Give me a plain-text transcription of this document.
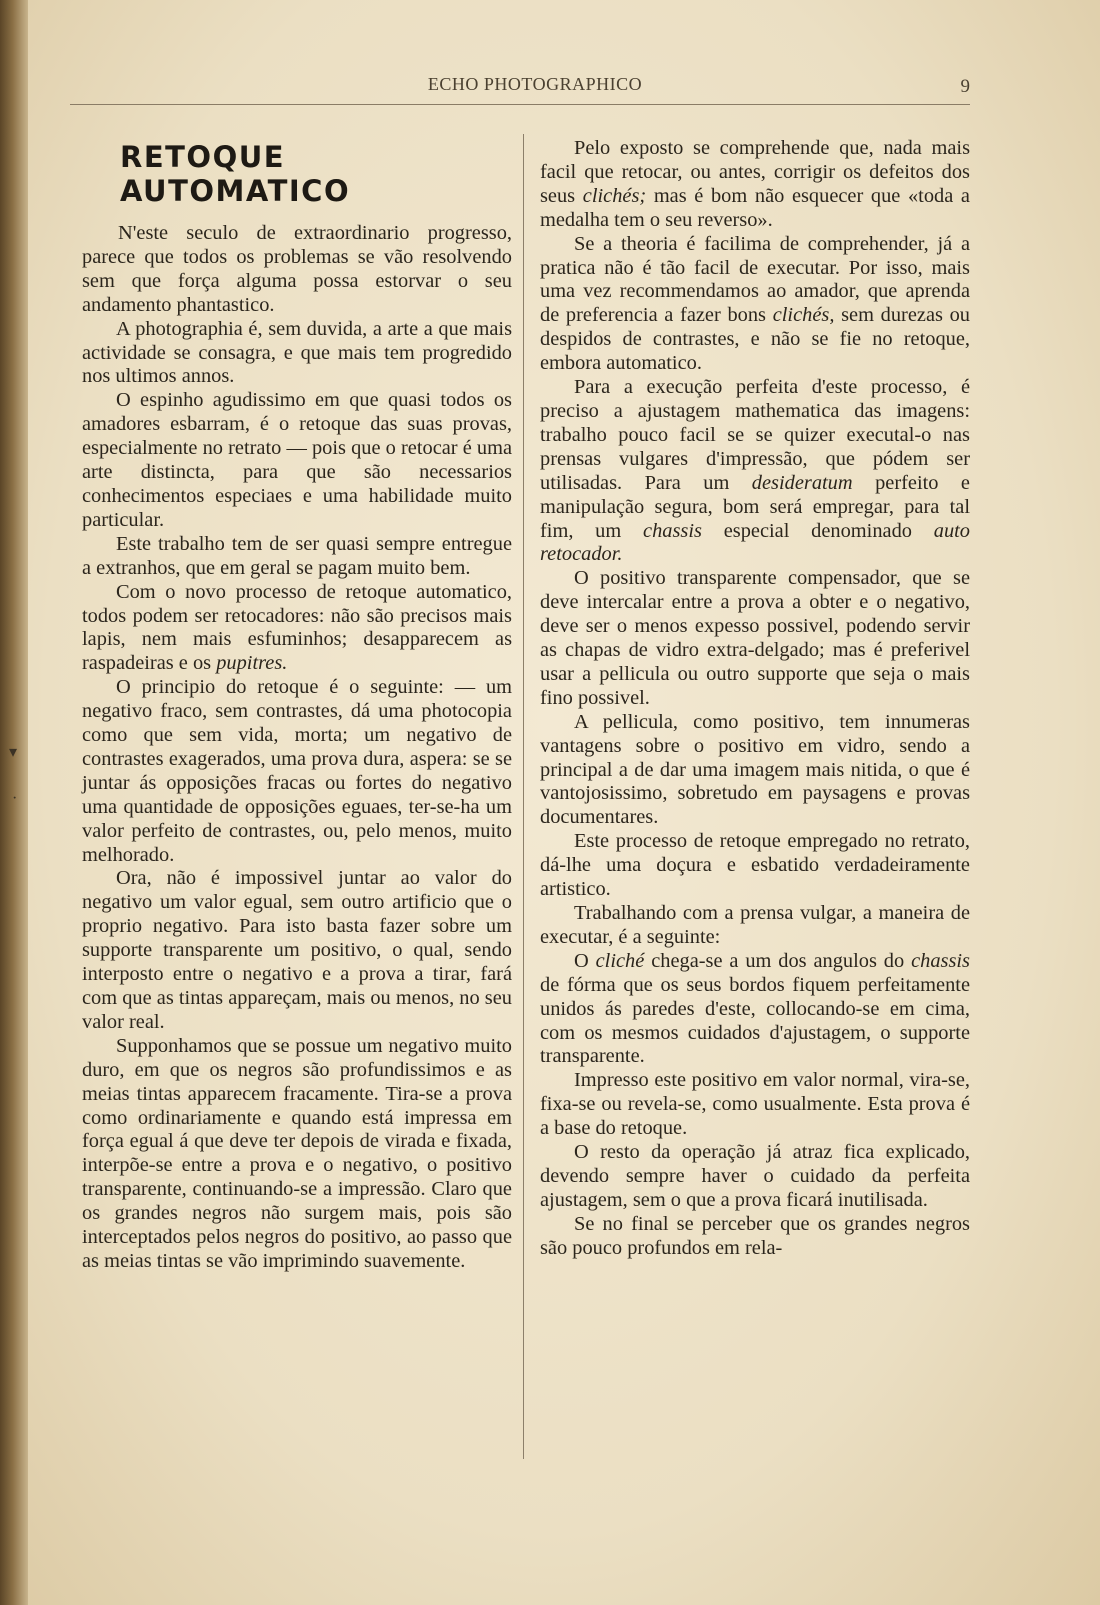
ECHO PHOTOGRAPHICO	9
RETOQUE AUTOMATICO

N'este seculo de extraordinario progresso, parece que todos os problemas se vão resolvendo sem que força alguma possa estorvar o seu andamento phantastico.

A photographia é, sem duvida, a arte a que mais actividade se consagra, e que mais tem progredido nos ultimos annos.

O espinho agudissimo em que quasi todos os amadores esbarram, é o retoque das suas provas, especialmente no retrato — pois que o retocar é uma arte distincta, para que são necessarios conhecimentos especiaes e uma habilidade muito particular.

Este trabalho tem de ser quasi sempre entregue a extranhos, que em geral se pagam muito bem.

Com o novo processo de retoque automatico, todos podem ser retocadores: não são precisos mais lapis, nem mais esfuminhos; desapparecem as raspadeiras e os pupitres.

O principio do retoque é o seguinte: — um negativo fraco, sem contrastes, dá uma photocopia como que sem vida, morta; um negativo de contrastes exagerados, uma prova dura, aspera: se se juntar ás opposições fracas ou fortes do negativo uma quantidade de opposições eguaes, ter-se-ha um valor perfeito de contrastes, ou, pelo menos, muito melhorado.

Ora, não é impossivel juntar ao valor do negativo um valor egual, sem outro artificio que o proprio negativo. Para isto basta fazer sobre um supporte transparente um positivo, o qual, sendo interposto entre o negativo e a prova a tirar, fará com que as tintas appareçam, mais ou menos, no seu valor real.

Supponhamos que se possue um negativo muito duro, em que os negros são profundissimos e as meias tintas apparecem fracamente. Tira-se a prova como ordinariamente e quando está impressa em força egual á que deve ter depois de virada e fixada, interpõe-se entre a prova e o negativo, o positivo transparente, continuando-se a impressão. Claro que os grandes negros não surgem mais, pois são interceptados pelos negros do positivo, ao passo que as meias tintas se vão imprimindo suavemente.

Pelo exposto se comprehende que, nada mais facil que retocar, ou antes, corrigir os defeitos dos seus clichés; mas é bom não esquecer que «toda a medalha tem o seu reverso».

Se a theoria é facilima de comprehender, já a pratica não é tão facil de executar. Por isso, mais uma vez recommendamos ao amador, que aprenda de preferencia a fazer bons clichés, sem durezas ou despidos de contrastes, e não se fie no retoque, embora automatico.

Para a execução perfeita d'este processo, é preciso a ajustagem mathematica das imagens: trabalho pouco facil se se quizer executal-o nas prensas vulgares d'impressão, que pódem ser utilisadas. Para um desideratum perfeito e manipulação segura, bom será empregar, para tal fim, um chassis especial denominado auto retocador.

O positivo transparente compensador, que se deve intercalar entre a prova a obter e o negativo, deve ser o menos expesso possivel, podendo servir as chapas de vidro extra-delgado; mas é preferivel usar a pellicula ou outro supporte que seja o mais fino possivel.

A pellicula, como positivo, tem innumeras vantagens sobre o positivo em vidro, sendo a principal a de dar uma imagem mais nitida, o que é vantojosissimo, sobretudo em paysagens e provas documentares.

Este processo de retoque empregado no retrato, dá-lhe uma doçura e esbatido verdadeiramente artistico.

Trabalhando com a prensa vulgar, a maneira de executar, é a seguinte:

O cliché chega-se a um dos angulos do chassis de fórma que os seus bordos fiquem perfeitamente unidos ás paredes d'este, collocando-se em cima, com os mesmos cuidados d'ajustagem, o supporte transparente.

Impresso este positivo em valor normal, vira-se, fixa-se ou revela-se, como usualmente. Esta prova é a base do retoque.

O resto da operação já atraz fica explicado, devendo sempre haver o cuidado da perfeita ajustagem, sem o que a prova ficará inutilisada.

Se no final se perceber que os grandes negros são pouco profundos em rela-

▾
·
